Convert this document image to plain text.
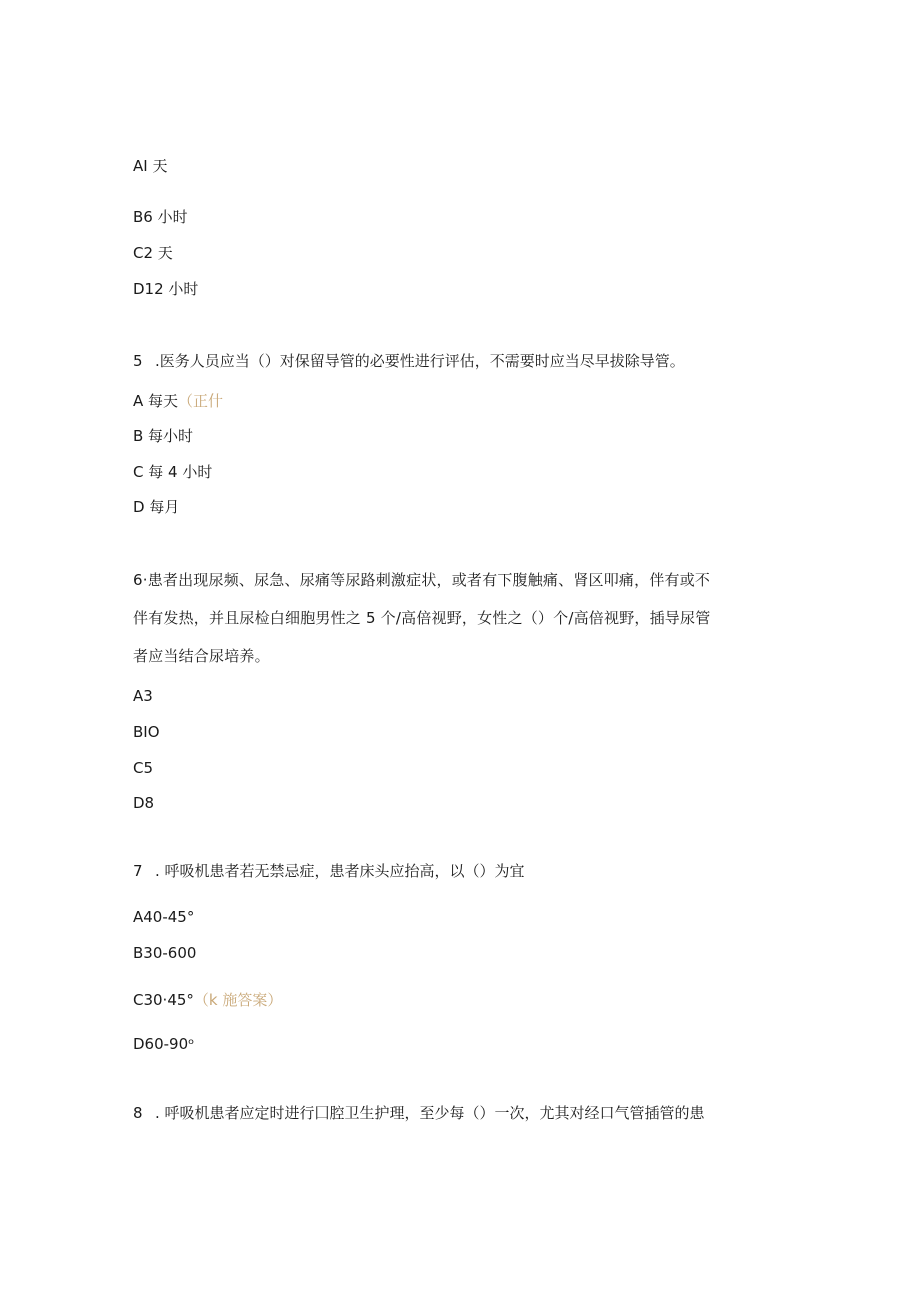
AI 天
B6 小时
C2 天
D12 小时
5 .医务人员应当（）对保留导管的必要性进行评估，不需要时应当尽早拔除导管。
A 每天（正什
B 每小时
C 每 4 小时
D 每月
6·患者出现尿频、尿急、尿痛等尿路刺激症状，或者有下腹触痛、肾区叩痛，伴有或不
伴有发热，并且尿检白细胞男性之 5 个/高倍视野，女性之（）个/高倍视野，插导尿管
者应当结合尿培养。
A3
BIO
C5
D8
7 . 呼吸机患者若无禁忌症，患者床头应抬高，以（）为宜
A40-45°
B30-600
C30·45°（k 施答案）
D60-90ᵒ
8 . 呼吸机患者应定时进行囗腔卫生护理，至少每（）一次，尤其对经口气管插管的患
